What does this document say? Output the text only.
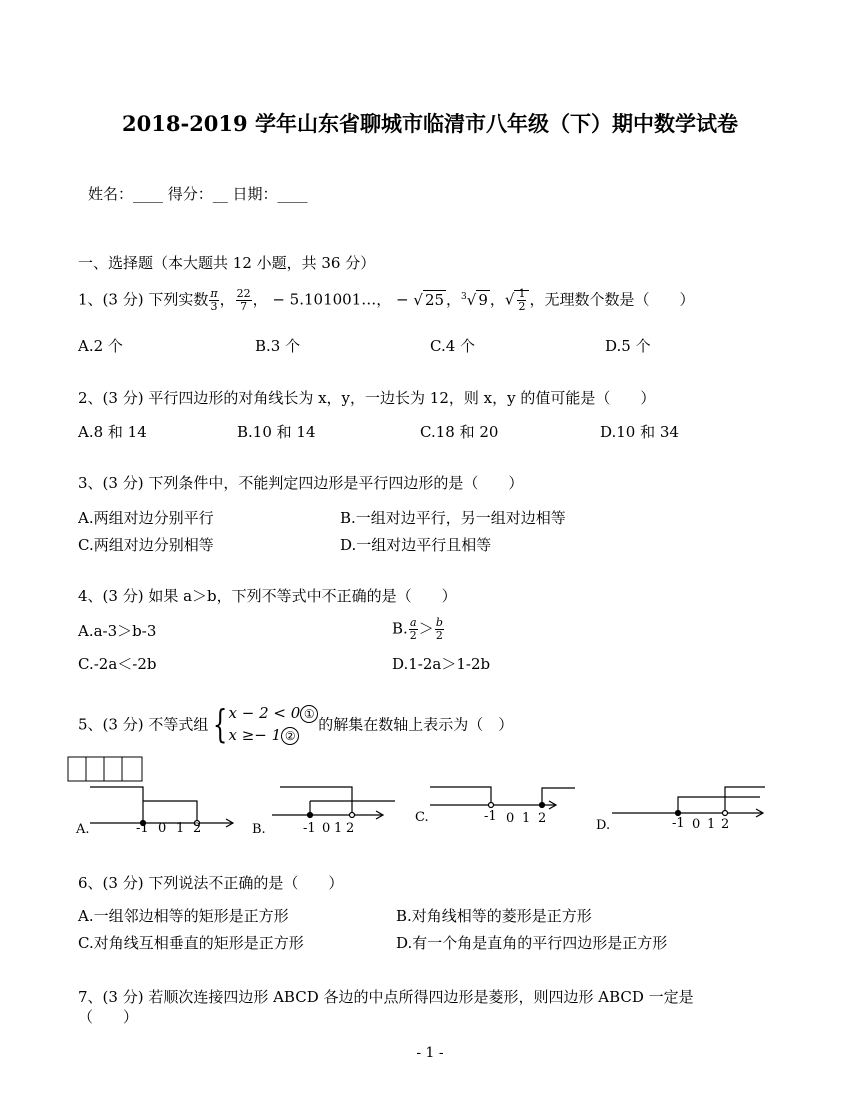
2018-2019 学年山东省聊城市临清市八年级（下）期中数学试卷
姓名：____ 得分：__ 日期：____
一、选择题（本大题共 12 小题，共 36 分）
1、(3 分) 下列实数 $\frac{\pi}{3}$ ， $\frac{22}{7}$ ， − 5.101001…， − √ 25 ，$^3$√ 9 ，√ $\frac{1}{2}$ ，无理数个数是（　　）
A.2 个	B.3 个	C.4 个	D.5 个
2、(3 分) 平行四边形的对角线长为 x，y，一边长为 12，则 x，y 的值可能是（　　）
A.8 和 14	B.10 和 14	C.18 和 20	D.10 和 34
3、(3 分) 下列条件中，不能判定四边形是平行四边形的是（　　）
A.两组对边分别平行	B.一组对边平行，另一组对边相等
C.两组对边分别相等	D.一组对边平行且相等
4、(3 分) 如果 a＞b，下列不等式中不正确的是（　　）
A.a-3＞b-3	B. $\frac{a}{2} > \frac{b}{2}$
C.-2a＜-2b	D.1-2a＞1-2b
5、(3 分) 不等式组 { x − 2 < 0 ①
x ≥− 1 ②
的解集在数轴上表示为（　）
A.	-1 0 1 2	B.	-1 0 1 2
C.	-1 0 1 2	D.	-1 0 1 2
6、(3 分) 下列说法不正确的是（　　）
A.一组邻边相等的矩形是正方形	B.对角线相等的菱形是正方形
C.对角线互相垂直的矩形是正方形	D.有一个角是直角的平行四边形是正方形
7、(3 分) 若顺次连接四边形 ABCD 各边的中点所得四边形是菱形，则四边形 ABCD 一定是
（　　）
- 1 -
